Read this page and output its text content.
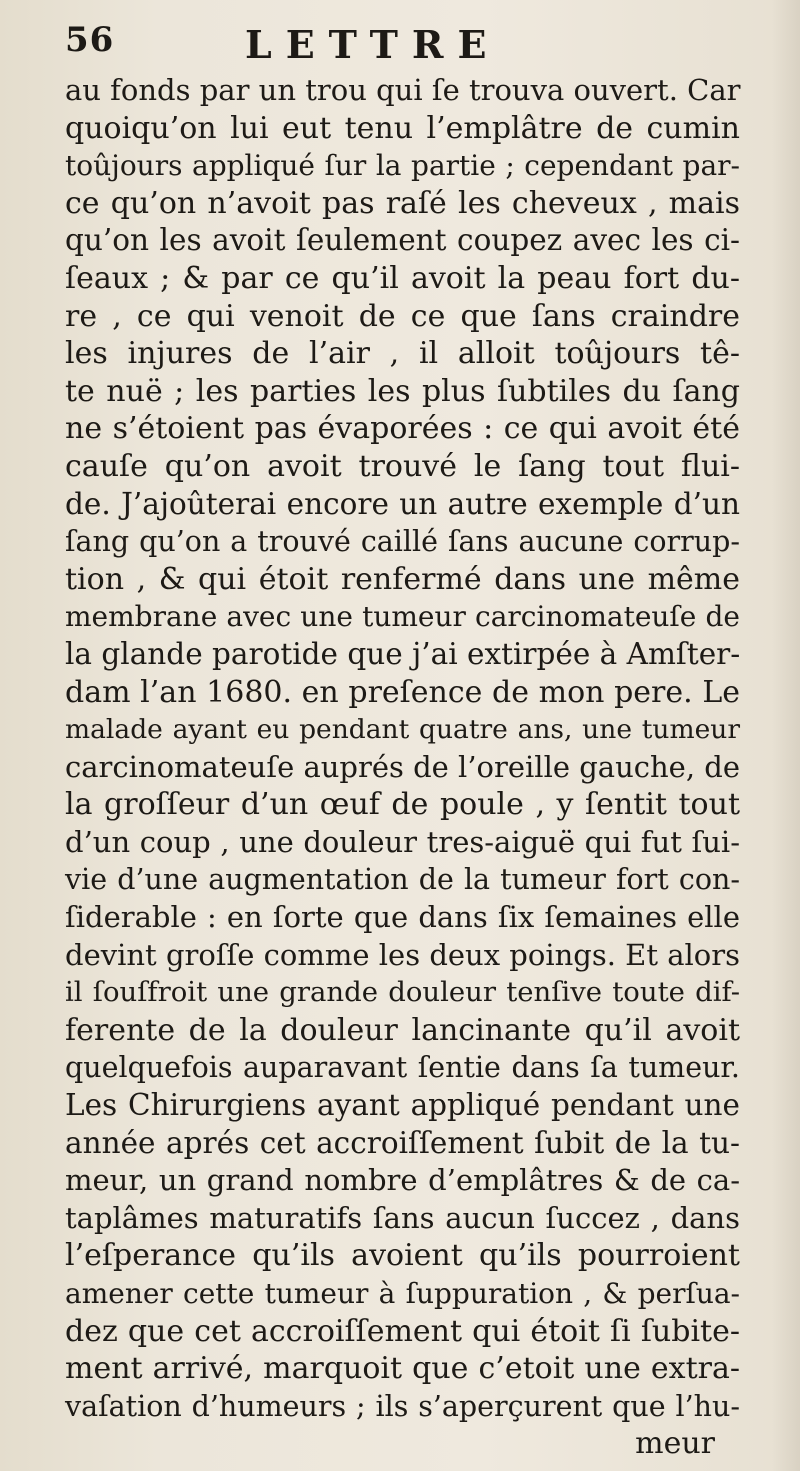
56	LETTRE
au fonds par un trou qui ſe trouva ouvert. Car
quoiqu’on lui eut tenu l’emplâtre de cumin
toûjours appliqué ſur la partie ; cependant par-
ce qu’on n’avoit pas raſé les cheveux , mais
qu’on les avoit ſeulement coupez avec les ci-
ſeaux ; & par ce qu’il avoit la peau fort du-
re , ce qui venoit de ce que ſans craindre
les injures de l’air , il alloit toûjours tê-
te nuë ; les parties les plus ſubtiles du ſang
ne s’étoient pas évaporées : ce qui avoit été
cauſe qu’on avoit trouvé le ſang tout flui-
de. J’ajoûterai encore un autre exemple d’un
ſang qu’on a trouvé caillé ſans aucune corrup-
tion , & qui étoit renfermé dans une même
membrane avec une tumeur carcinomateuſe de
la glande parotide que j’ai extirpée à Amſter-
dam l’an 1680. en preſence de mon pere. Le
malade ayant eu pendant quatre ans, une tumeur
carcinomateuſe auprés de l’oreille gauche, de
la groſſeur d’un œuf de poule , y ſentit tout
d’un coup , une douleur tres-aiguë qui fut ſui-
vie d’une augmentation de la tumeur fort con-
ſiderable : en ſorte que dans ſix ſemaines elle
devint groſſe comme les deux poings. Et alors
il ſouſfroit une grande douleur tenſive toute dif-
ferente de la douleur lancinante qu’il avoit
quelquefois auparavant ſentie dans ſa tumeur.
Les Chirurgiens ayant appliqué pendant une
année aprés cet accroiſſement ſubit de la tu-
meur, un grand nombre d’emplâtres & de ca-
taplâmes maturatifs ſans aucun ſuccez , dans
l’eſperance qu’ils avoient qu’ils pourroient
amener cette tumeur à ſuppuration , & perſua-
dez que cet accroiſſement qui étoit ſi ſubite-
ment arrivé, marquoit que c’etoit une extra-
vaſation d’humeurs ; ils s’aperçurent que l’hu-
meur
